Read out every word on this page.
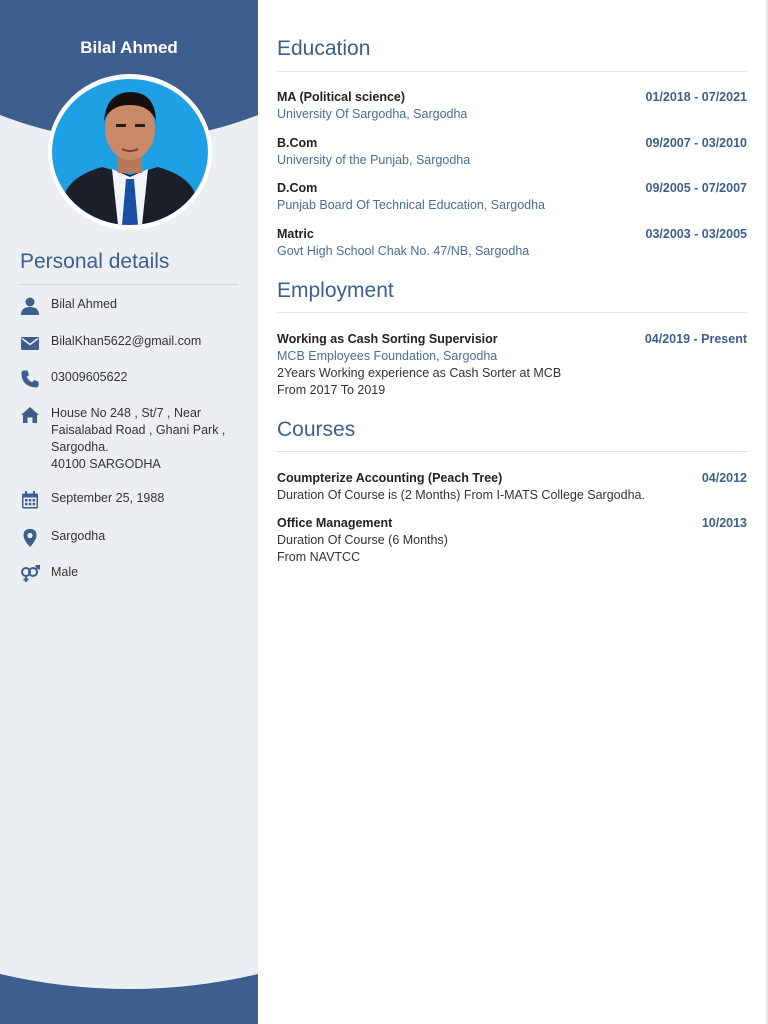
Bilal Ahmed
Personal details
Bilal Ahmed
BilalKhan5622@gmail.com
03009605622
House No 248 , St/7 , Near
Faisalabad Road , Ghani Park ,
Sargodha.
40100 SARGODHA
September 25, 1988
Sargodha
Male
Education
MA (Political science)	01/2018 - 07/2021
University Of Sargodha, Sargodha
B.Com	09/2007 - 03/2010
University of the Punjab, Sargodha
D.Com	09/2005 - 07/2007
Punjab Board Of Technical Education, Sargodha
Matric	03/2003 - 03/2005
Govt High School Chak No. 47/NB, Sargodha
Employment
Working as Cash Sorting Supervisior	04/2019 - Present
MCB Employees Foundation, Sargodha
2Years Working experience as Cash Sorter at MCB
From 2017 To 2019
Courses
Coumpterize Accounting (Peach Tree)	04/2012
Duration Of Course is (2 Months) From I-MATS College Sargodha.
Office Management	10/2013
Duration Of Course (6 Months)
From NAVTCC
